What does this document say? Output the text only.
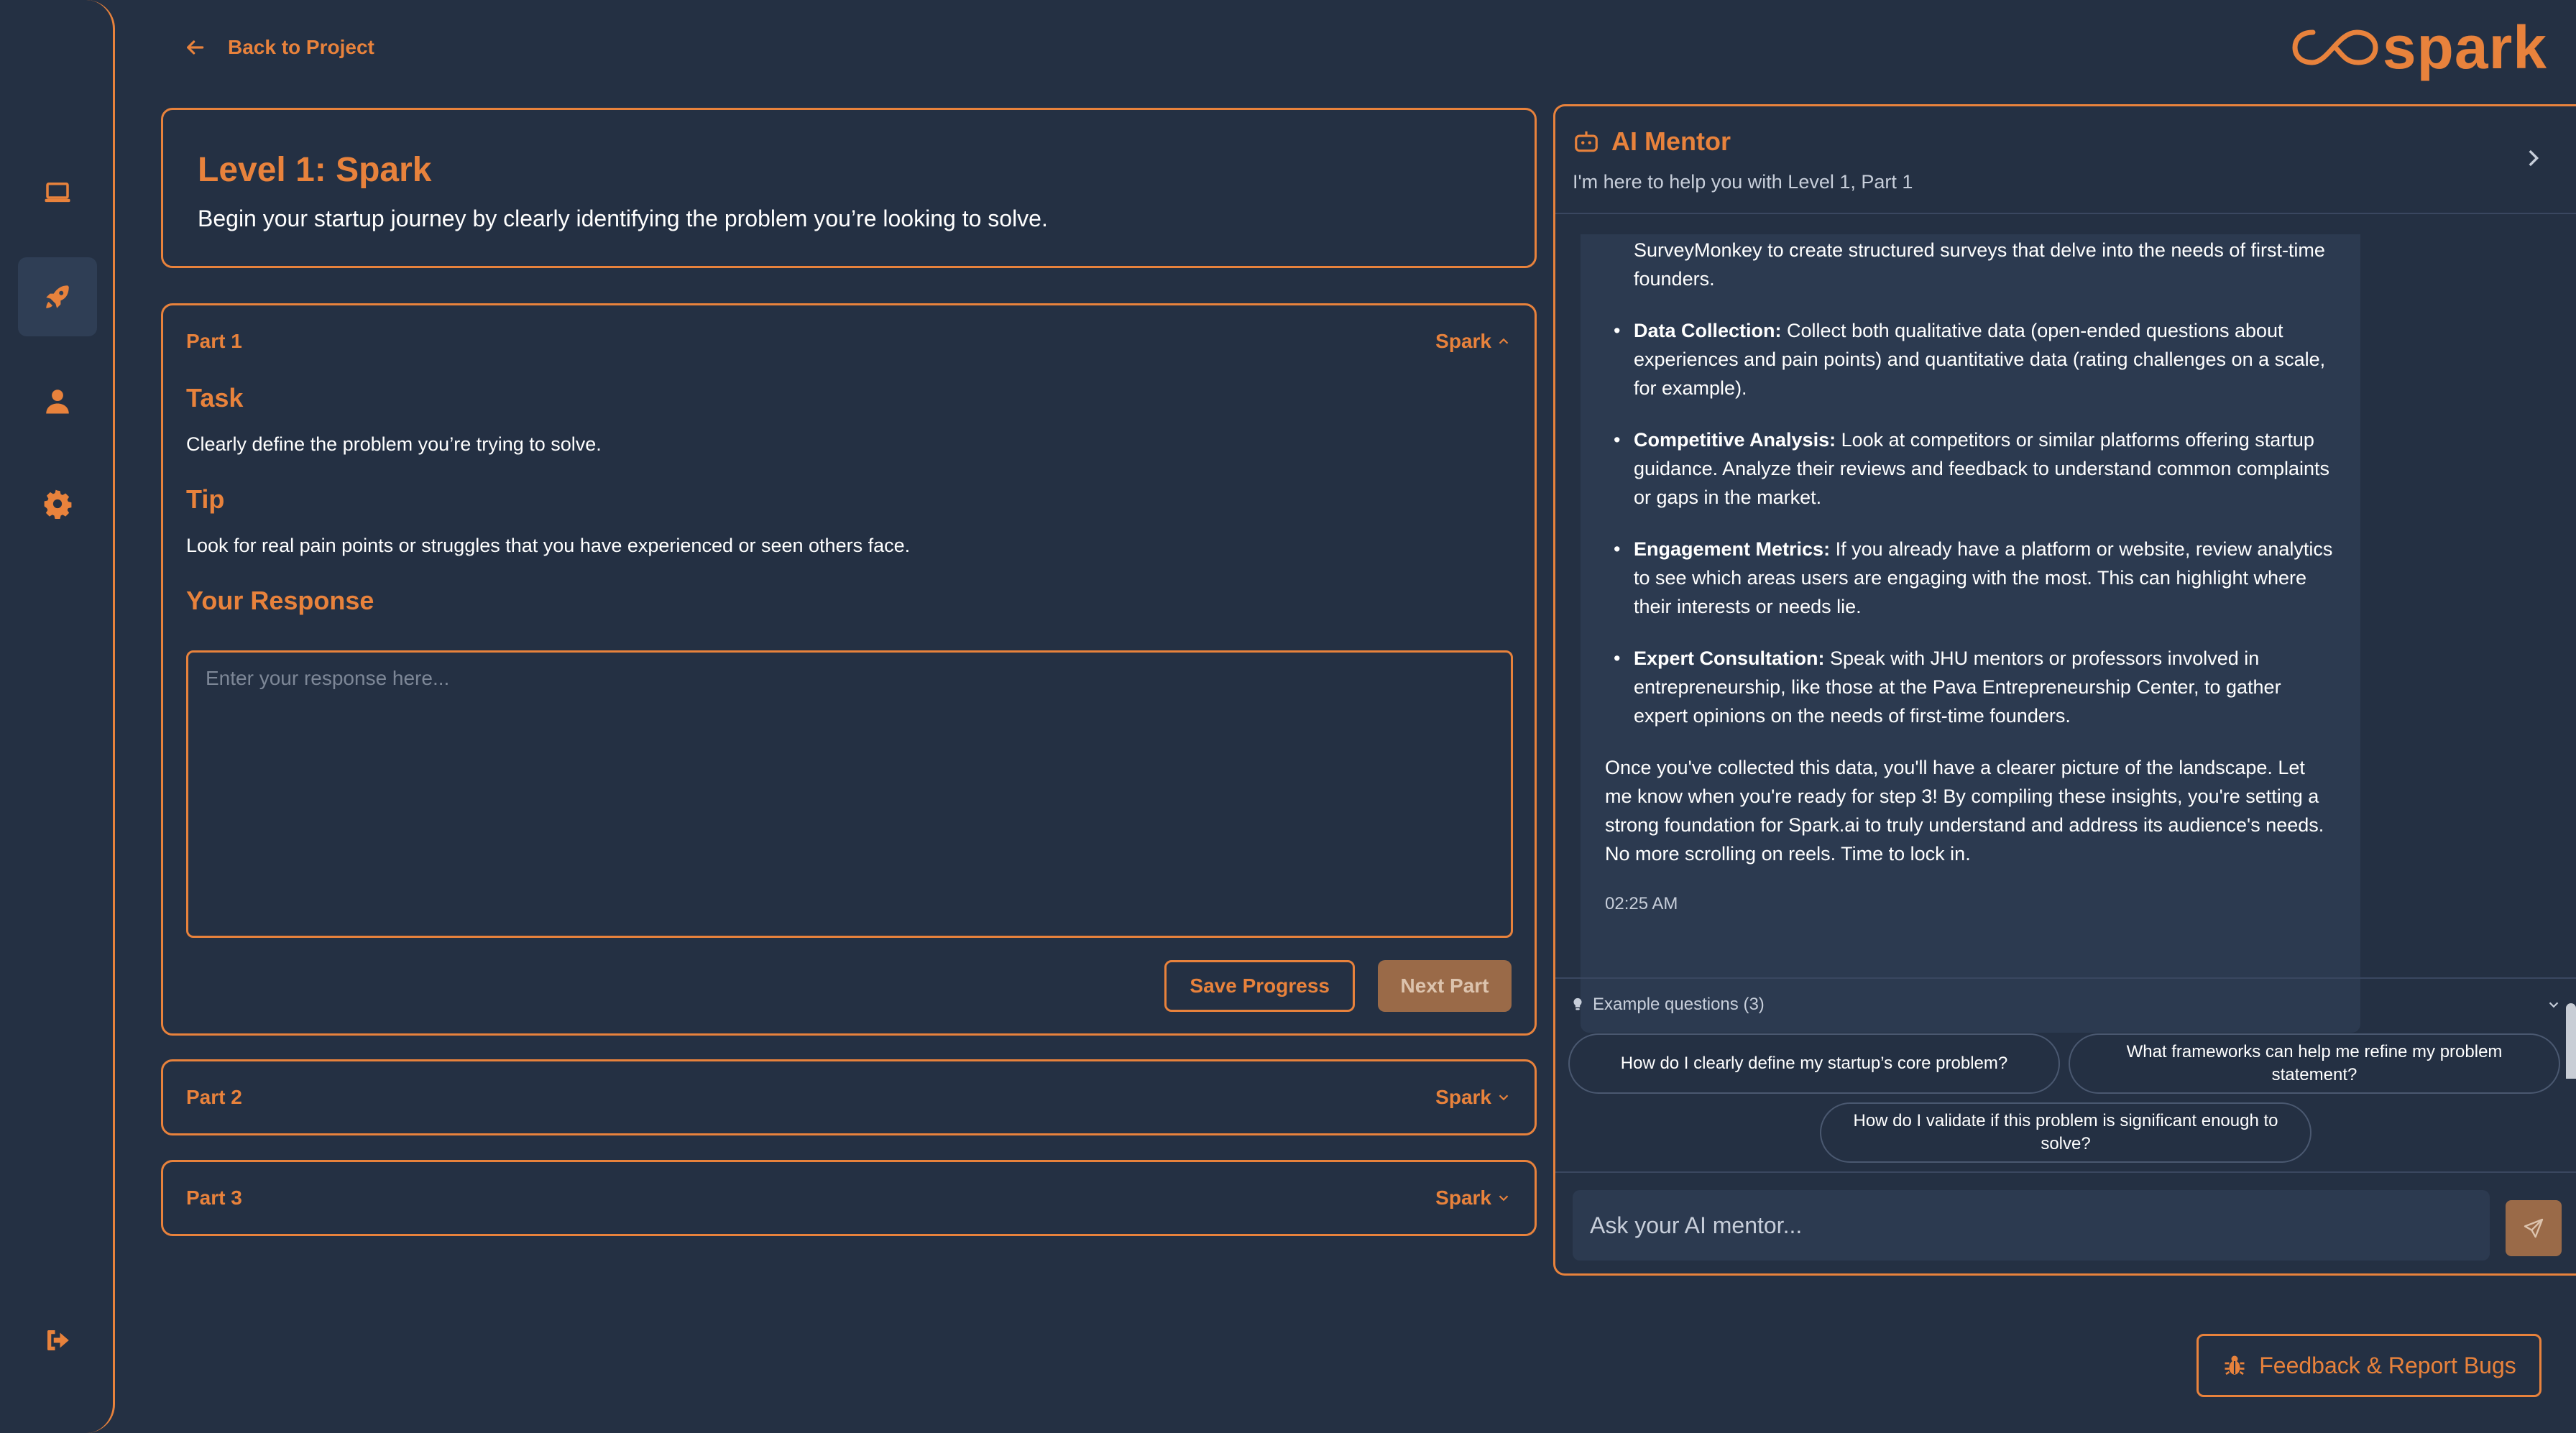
Back to Project	spark
Level 1: Spark
Begin your startup journey by clearly identifying the problem you’re looking to solve.
Part 1	Spark
Task
Clearly define the problem you’re trying to solve.
Tip
Look for real pain points or struggles that you have experienced or seen others face.
Your Response
Enter your response here...
Save Progress	Next Part
Part 2	Spark
Part 3	Spark
AI Mentor
I'm here to help you with Level 1, Part 1
SurveyMonkey to create structured surveys that delve into the needs of first-time founders.
• Data Collection: Collect both qualitative data (open-ended questions about experiences and pain points) and quantitative data (rating challenges on a scale, for example).
• Competitive Analysis: Look at competitors or similar platforms offering startup guidance. Analyze their reviews and feedback to understand common complaints or gaps in the market.
• Engagement Metrics: If you already have a platform or website, review analytics to see which areas users are engaging with the most. This can highlight where their interests or needs lie.
• Expert Consultation: Speak with JHU mentors or professors involved in entrepreneurship, like those at the Pava Entrepreneurship Center, to gather expert opinions on the needs of first-time founders.
Once you've collected this data, you'll have a clearer picture of the landscape. Let me know when you're ready for step 3! By compiling these insights, you're setting a strong foundation for Spark.ai to truly understand and address its audience's needs. No more scrolling on reels. Time to lock in.
02:25 AM
Example questions (3)
How do I clearly define my startup’s core problem?
What frameworks can help me refine my problem statement?
How do I validate if this problem is significant enough to solve?
Ask your AI mentor...
Feedback & Report Bugs
